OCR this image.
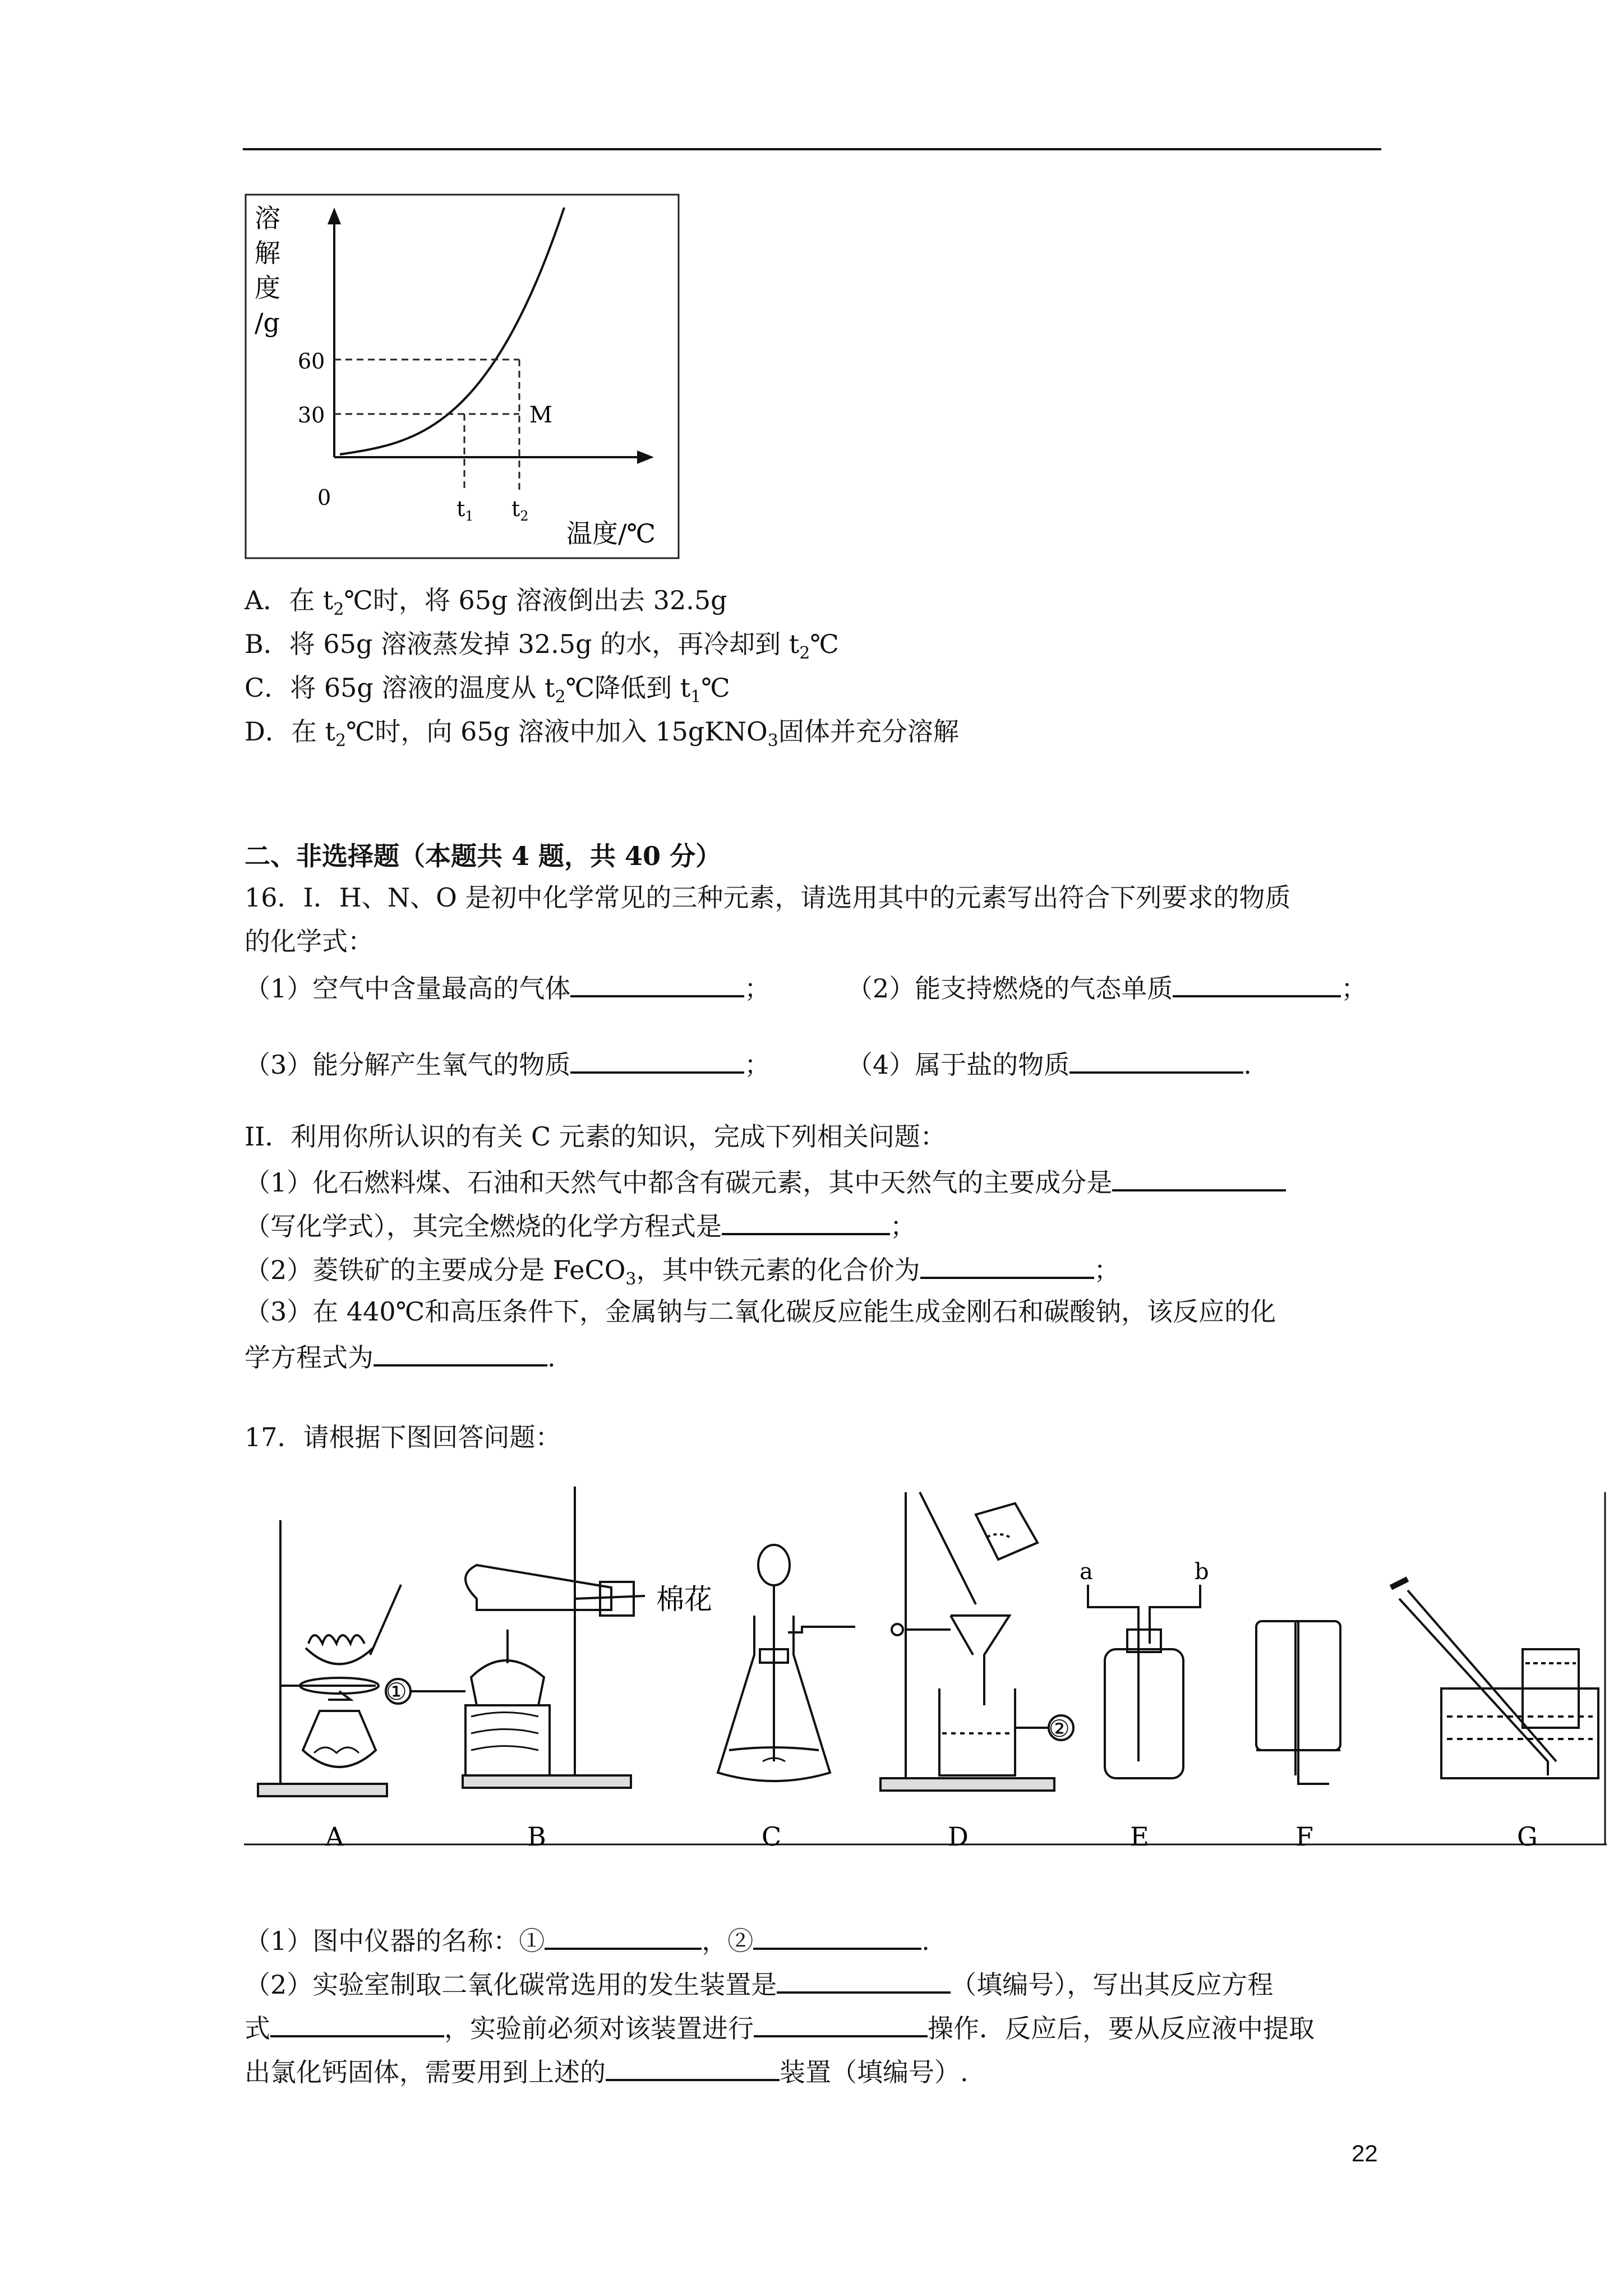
溶
解
度
/g
60
30	M
0	$t_1$ $t_2$
温度/℃
A．在 $t_2℃$时，将 65g 溶液倒出去 32.5g
B．将 65g 溶液蒸发掉 32.5g 的水，再冷却到 $t_2℃$
C．将 65g 溶液的温度从 $t_2℃$降低到 $t_1℃$
D．在 $t_2℃$时，向 65g 溶液中加入 15gKNO$_3$固体并充分溶解
二、非选择题（本题共 4 题，共 40 分）
16．I．H、N、O 是初中化学常见的三种元素，请选用其中的元素写出符合下列要求的物质
的化学式：
（1）空气中含量最高的气体	；	（2）能支持燃烧的气态单质	；
（3）能分解产生氧气的物质	；	（4）属于盐的物质	.
II．利用你所认识的有关 C 元素的知识，完成下列相关问题：
（1）化石燃料煤、石油和天然气中都含有碳元素，其中天然气的主要成分是
（写化学式），其完全燃烧的化学方程式是	；
（2）菱铁矿的主要成分是 FeCO$_3$，其中铁元素的化合价为	；
（3）在 440℃和高压条件下，金属钠与二氧化碳反应能生成金刚石和碳酸钠，该反应的化
学方程式为	.
17．请根据下图回答问题：
A	B	C	D	E	F	G
棉花
①
②
a	b
（1）图中仪器的名称：①	，②	.
（2）实验室制取二氧化碳常选用的发生装置是	（填编号），写出其反应方程
式	，实验前必须对该装置进行	操作．反应后，要从反应液中提取
出氯化钙固体，需要用到上述的	装置（填编号）.
22
